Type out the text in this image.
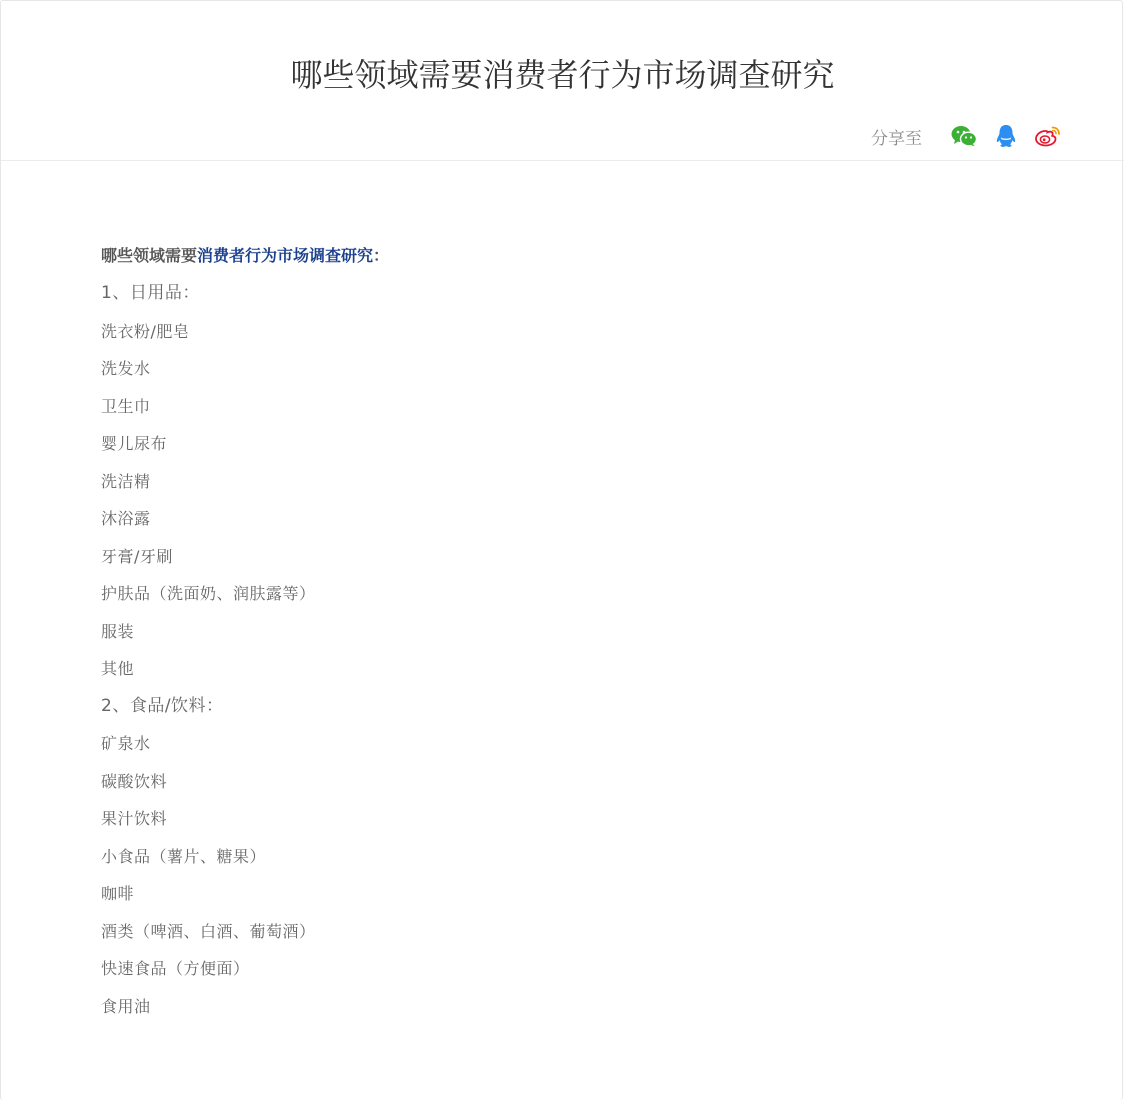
哪些领域需要消费者行为市场调查研究
分享至

哪些领域需要消费者行为市场调查研究：

1、日用品：

洗衣粉/肥皂

洗发水

卫生巾

婴儿尿布

洗洁精

沐浴露

牙膏/牙刷

护肤品（洗面奶、润肤露等）

服装

其他

2、食品/饮料：

矿泉水

碳酸饮料

果汁饮料

小食品（薯片、糖果）

咖啡

酒类（啤酒、白酒、葡萄酒）

快速食品（方便面）

食用油
